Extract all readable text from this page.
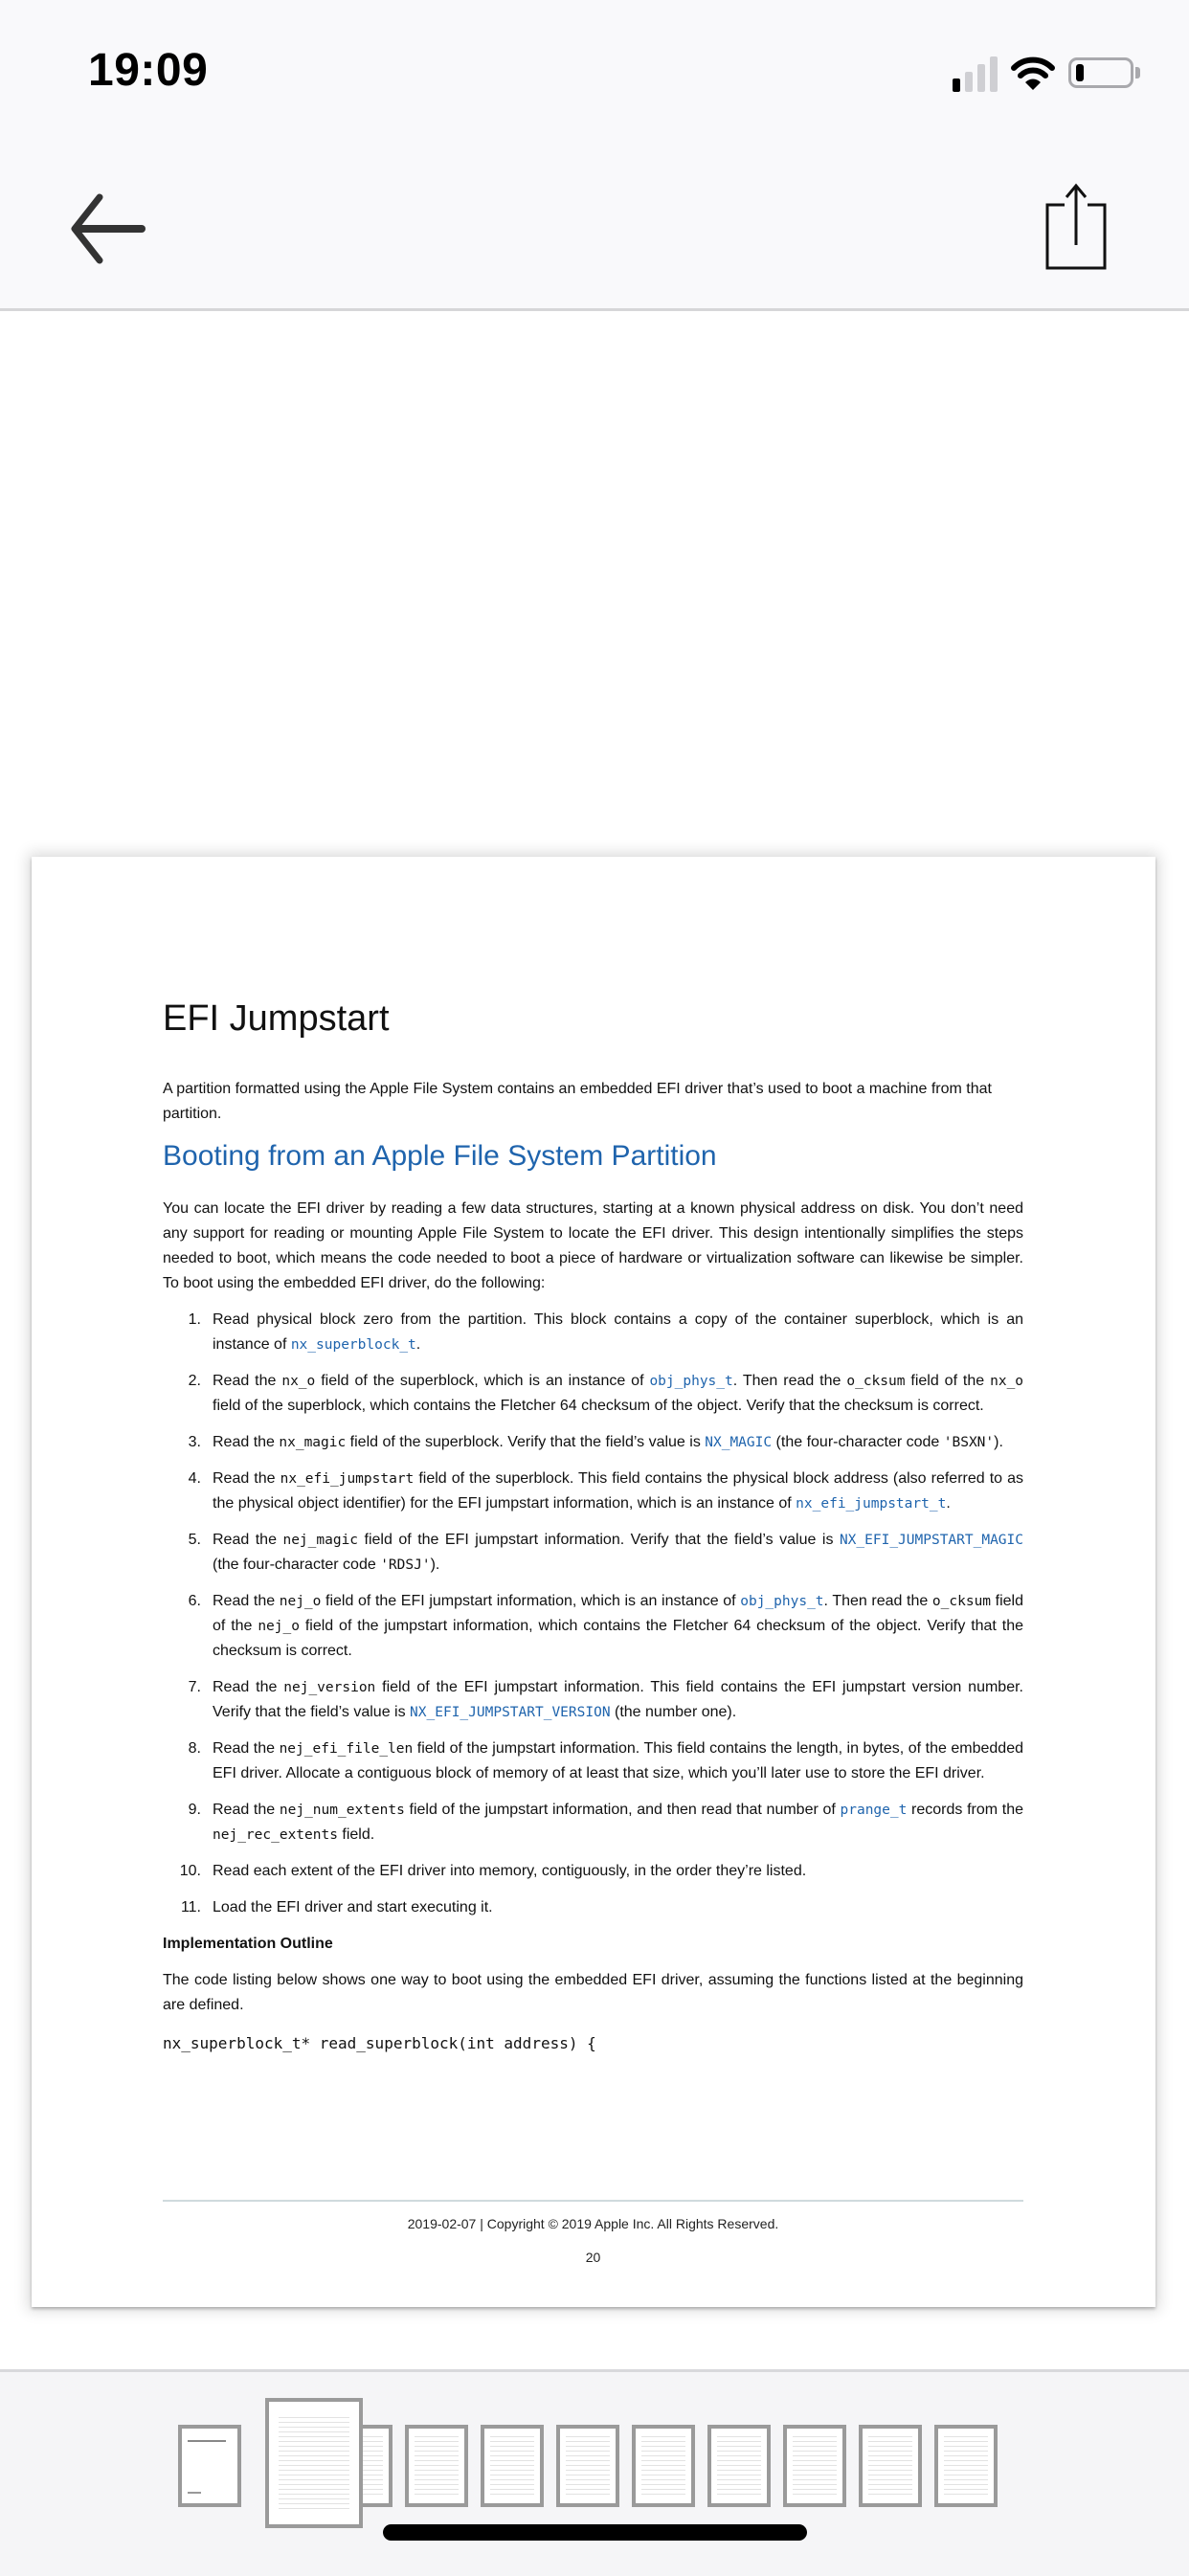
19:09
EFI Jumpstart

A partition formatted using the Apple File System contains an embedded EFI driver that’s used to boot a machine from that partition.

Booting from an Apple File System Partition

You can locate the EFI driver by reading a few data structures, starting at a known physical address on disk. You don’t need any support for reading or mounting Apple File System to locate the EFI driver. This design intentionally simplifies the steps needed to boot, which means the code needed to boot a piece of hardware or virtualization software can likewise be simpler. To boot using the embedded EFI driver, do the following:

1. Read physical block zero from the partition. This block contains a copy of the container superblock, which is an instance of nx_superblock_t.
2. Read the nx_o field of the superblock, which is an instance of obj_phys_t. Then read the o_cksum field of the nx_o field of the superblock, which contains the Fletcher 64 checksum of the object. Verify that the checksum is correct.
3. Read the nx_magic field of the superblock. Verify that the field’s value is NX_MAGIC (the four-character code 'BSXN').
4. Read the nx_efi_jumpstart field of the superblock. This field contains the physical block address (also referred to as the physical object identifier) for the EFI jumpstart information, which is an instance of nx_efi_jumpstart_t.
5. Read the nej_magic field of the EFI jumpstart information. Verify that the field’s value is NX_EFI_JUMPSTART_MAGIC (the four-character code 'RDSJ').
6. Read the nej_o field of the EFI jumpstart information, which is an instance of obj_phys_t. Then read the o_cksum field of the nej_o field of the jumpstart information, which contains the Fletcher 64 checksum of the object. Verify that the checksum is correct.
7. Read the nej_version field of the EFI jumpstart information. This field contains the EFI jumpstart version number. Verify that the field’s value is NX_EFI_JUMPSTART_VERSION (the number one).
8. Read the nej_efi_file_len field of the jumpstart information. This field contains the length, in bytes, of the embedded EFI driver. Allocate a contiguous block of memory of at least that size, which you’ll later use to store the EFI driver.
9. Read the nej_num_extents field of the jumpstart information, and then read that number of prange_t records from the nej_rec_extents field.
10. Read each extent of the EFI driver into memory, contiguously, in the order they’re listed.
11. Load the EFI driver and start executing it.

Implementation Outline

The code listing below shows one way to boot using the embedded EFI driver, assuming the functions listed at the beginning are defined.

nx_superblock_t* read_superblock(int address) {

2019-02-07 | Copyright © 2019 Apple Inc. All Rights Reserved.
20
